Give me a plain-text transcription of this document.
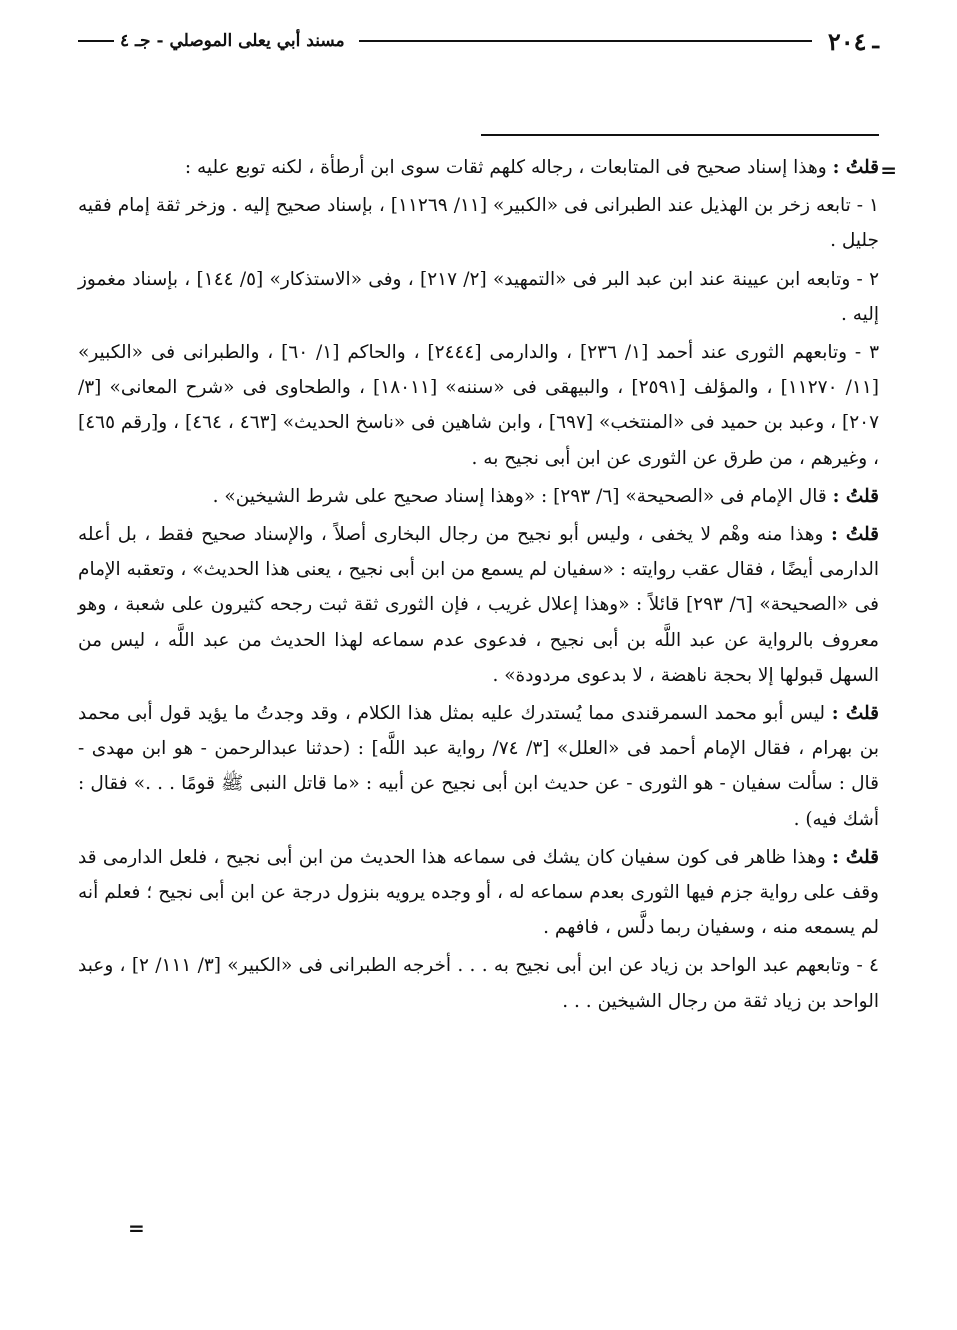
ـ
٢٠٤
مسند أبي يعلى الموصلي - جـ ٤
=

قلتُ : وهذا إسناد صحيح فى المتابعات ، رجاله كلهم ثقات سوى ابن أرطأة ، لكنه توبع عليه :

١ - تابعه زخر بن الهذيل عند الطبرانى فى «الكبير» [١١/ ١١٢٦٩] ، بإسناد صحيح إليه . وزخر ثقة إمام فقيه جليل .

٢ - وتابعه ابن عيينة عند ابن عبد البر فى «التمهيد» [٢/ ٢١٧] ، وفى «الاستذكار» [٥/ ١٤٤] ، بإسناد مغموز إليه .

٣ - وتابعهم الثورى عند أحمد [١/ ٢٣٦] ، والدارمى [٢٤٤٤] ، والحاكم [١/ ٦٠] ، والطبرانى فى «الكبير» [١١/ ١١٢٧٠] ، والمؤلف [٢٥٩١] ، والبيهقى فى «سننه» [١٨٠١١] ، والطحاوى فى «شرح المعانى» [٣/ ٢٠٧] ، وعبد بن حميد فى «المنتخب» [٦٩٧] ، وابن شاهين فى «ناسخ الحديث» [٤٦٣ ، ٤٦٤] ، و[رقم ٤٦٥] ، وغيرهم ، من طرق عن الثورى عن ابن أبى نجيح به .

قلتُ : قال الإمام فى «الصحيحة» [٦/ ٢٩٣] : «وهذا إسناد صحيح على شرط الشيخين» .

قلتُ : وهذا منه وهْم لا يخفى ، وليس أبو نجيح من رجال البخارى أصلاً ، والإسناد صحيح فقط ، بل أعله الدارمى أيضًا ، فقال عقب روايته : «سفيان لم يسمع من ابن أبى نجيح ، يعنى هذا الحديث» ، وتعقبه الإمام فى «الصحيحة» [٦/ ٢٩٣] قائلاً : «وهذا إعلال غريب ، فإن الثورى ثقة ثبت رجحه كثيرون على شعبة ، وهو معروف بالرواية عن عبد اللَّه بن أبى نجيح ، فدعوى عدم سماعه لهذا الحديث من عبد اللَّه ، ليس من السهل قبولها إلا بحجة ناهضة ، لا بدعوى مردودة» .

قلتُ : ليس أبو محمد السمرقندى مما يُستدرك عليه بمثل هذا الكلام ، وقد وجدتُ ما يؤيد قول أبى محمد بن بهرام ، فقال الإمام أحمد فى «العلل» [٣/ ٧٤/ رواية عبد اللَّه] : (حدثنا عبدالرحمن - هو ابن مهدى - قال : سألت سفيان - هو الثورى - عن حديث ابن أبى نجيح عن أبيه : «ما قاتل النبى ﷺ قومًا . . .» فقال : أشك فيه) .

قلتُ : وهذا ظاهر فى كون سفيان كان يشك فى سماعه هذا الحديث من ابن أبى نجيح ، فلعل الدارمى قد وقف على رواية جزم فيها الثورى بعدم سماعه له ، أو وجده يرويه بنزول درجة عن ابن أبى نجيح ؛ فعلم أنه لم يسمعه منه ، وسفيان ربما دلَّس ، فافهم .

٤ - وتابعهم عبد الواحد بن زياد عن ابن أبى نجيح به . . . أخرجه الطبرانى فى «الكبير» [٣/ ١١١/ ٢] ، وعبد الواحد بن زياد ثقة من رجال الشيخين . . .

=
